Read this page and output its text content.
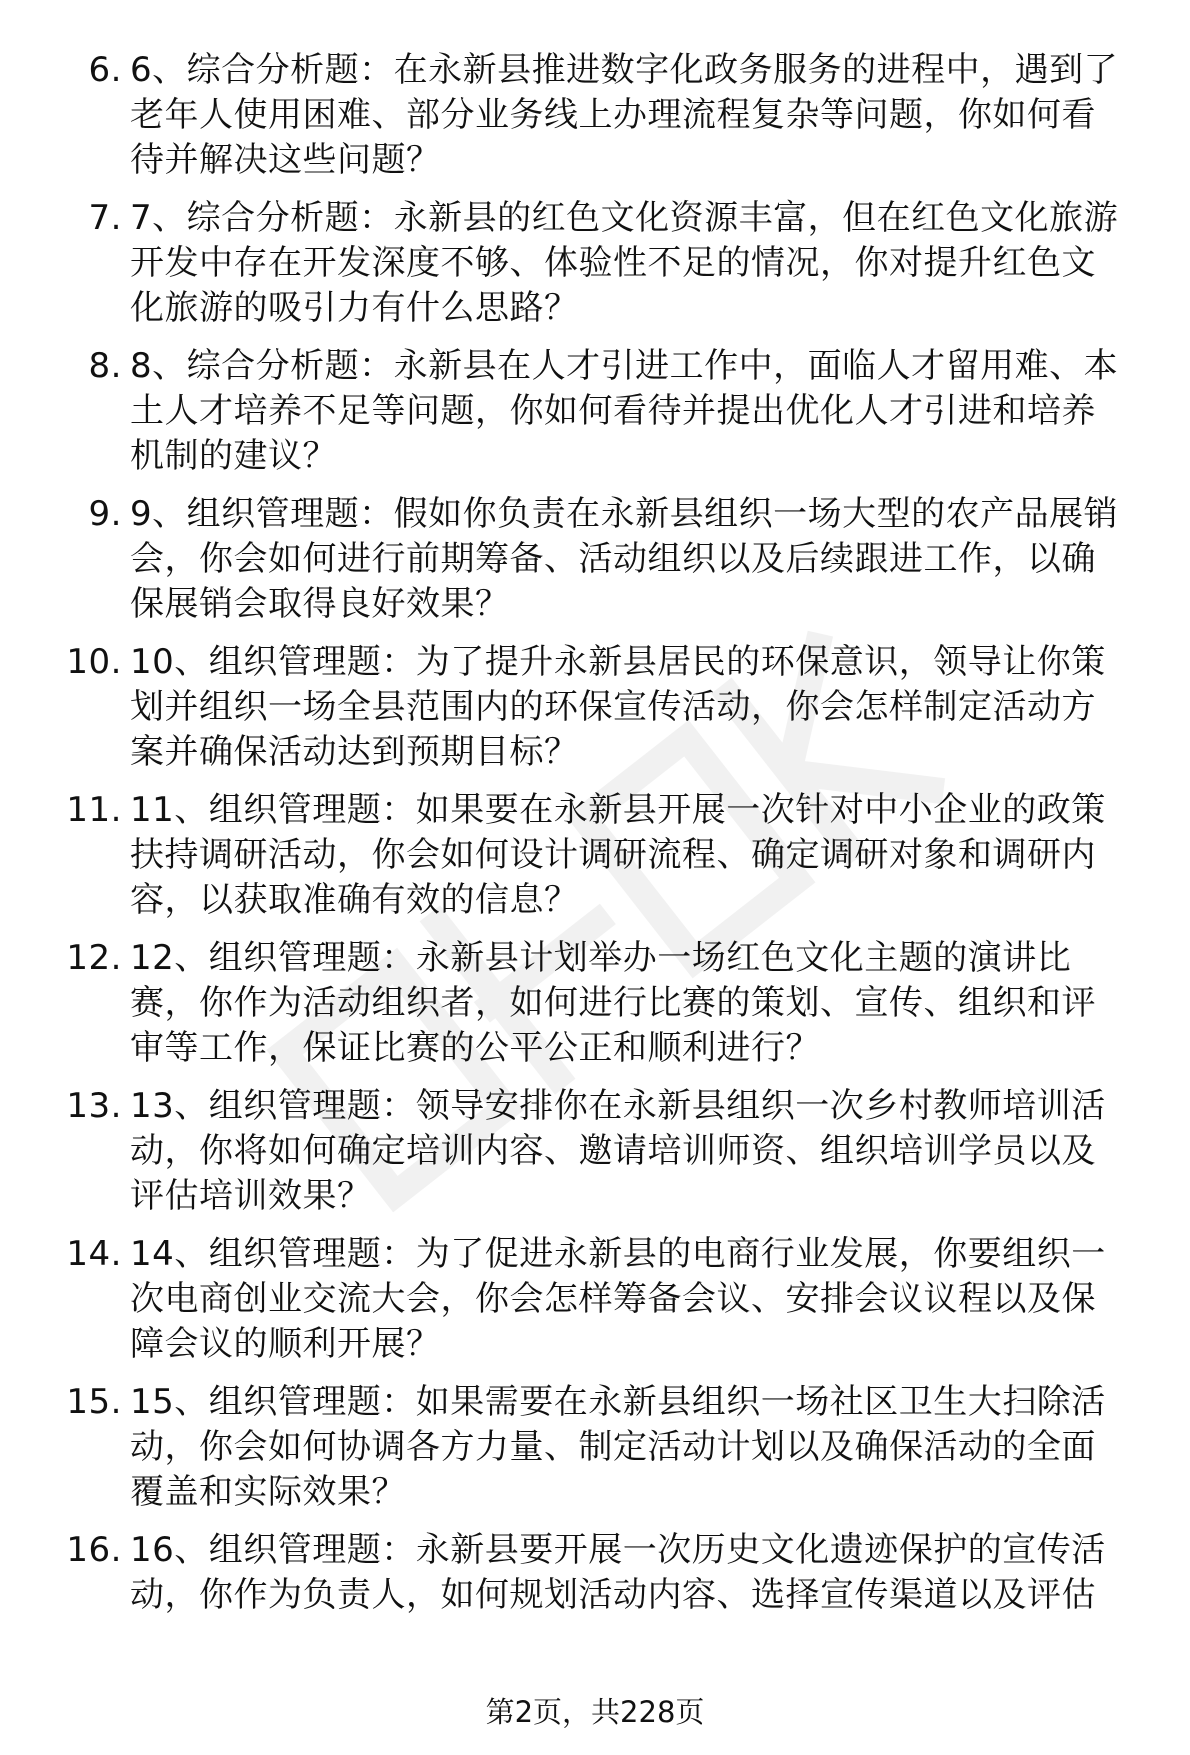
6. 6、综合分析题：在永新县推进数字化政务服务的进程中，遇到了老年人使用困难、部分业务线上办理流程复杂等问题，你如何看待并解决这些问题？
7. 7、综合分析题：永新县的红色文化资源丰富，但在红色文化旅游开发中存在开发深度不够、体验性不足的情况，你对提升红色文化旅游的吸引力有什么思路？
8. 8、综合分析题：永新县在人才引进工作中，面临人才留用难、本土人才培养不足等问题，你如何看待并提出优化人才引进和培养机制的建议？
9. 9、组织管理题：假如你负责在永新县组织一场大型的农产品展销会，你会如何进行前期筹备、活动组织以及后续跟进工作，以确保展销会取得良好效果？
10. 10、组织管理题：为了提升永新县居民的环保意识，领导让你策划并组织一场全县范围内的环保宣传活动，你会怎样制定活动方案并确保活动达到预期目标？
11. 11、组织管理题：如果要在永新县开展一次针对中小企业的政策扶持调研活动，你会如何设计调研流程、确定调研对象和调研内容，以获取准确有效的信息？
12. 12、组织管理题：永新县计划举办一场红色文化主题的演讲比赛，你作为活动组织者，如何进行比赛的策划、宣传、组织和评审等工作，保证比赛的公平公正和顺利进行？
13. 13、组织管理题：领导安排你在永新县组织一次乡村教师培训活动，你将如何确定培训内容、邀请培训师资、组织培训学员以及评估培训效果？
14. 14、组织管理题：为了促进永新县的电商行业发展，你要组织一次电商创业交流大会，你会怎样筹备会议、安排会议议程以及保障会议的顺利开展？
15. 15、组织管理题：如果需要在永新县组织一场社区卫生大扫除活动，你会如何协调各方力量、制定活动计划以及确保活动的全面覆盖和实际效果？
16. 16、组织管理题：永新县要开展一次历史文化遗迹保护的宣传活动，你作为负责人，如何规划活动内容、选择宣传渠道以及评估
第2页，共228页
